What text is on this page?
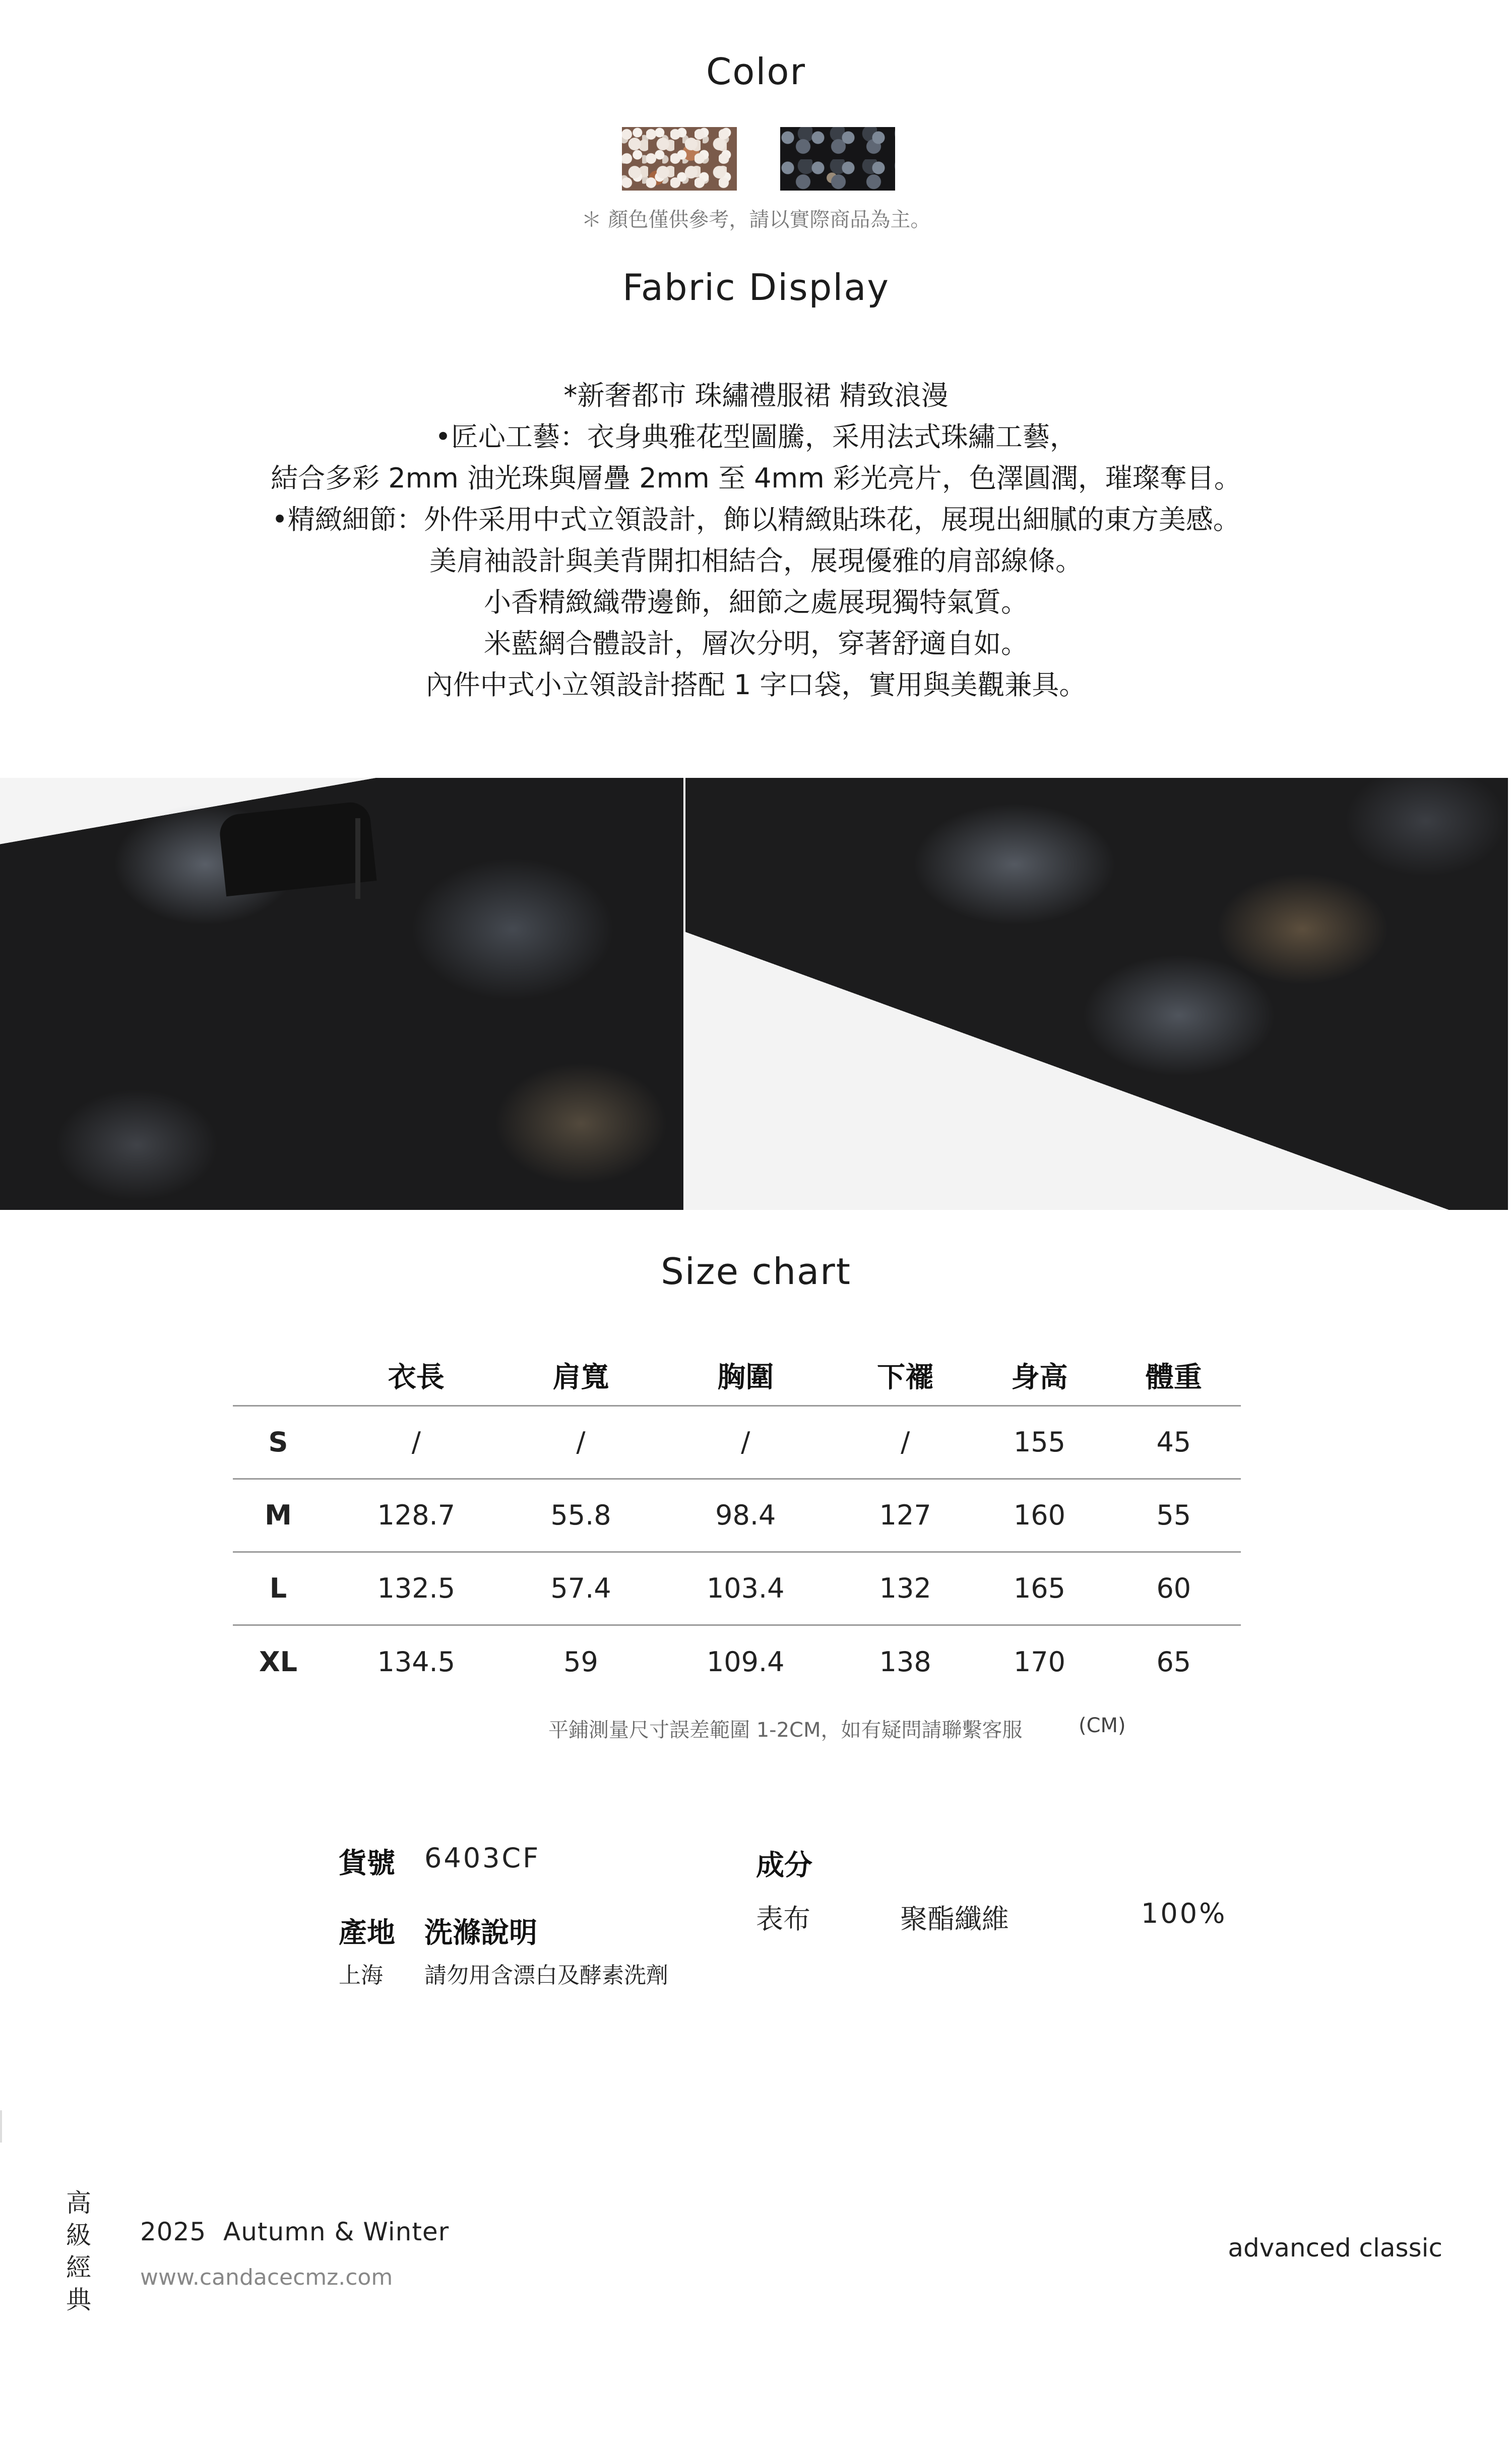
Color
＊ 顏色僅供參考，請以實際商品為主。
Fabric Display
*新奢都市 珠繡禮服裙 精致浪漫
•匠心工藝：衣身典雅花型圖騰，采用法式珠繡工藝，
結合多彩 2mm 油光珠與層疊 2mm 至 4mm 彩光亮片，色澤圓潤，璀璨奪目。
•精緻細節：外件采用中式立領設計，飾以精緻貼珠花，展現出細膩的東方美感。
美肩袖設計與美背開扣相結合，展現優雅的肩部線條。
小香精緻織帶邊飾，細節之處展現獨特氣質。
米藍網合體設計，層次分明，穿著舒適自如。
內件中式小立領設計搭配 1 字口袋，實用與美觀兼具。
Size chart
	衣長	肩寬	胸圍	下襬	身高	體重
S	/	/	/	/	155	45
M	128.7	55.8	98.4	127	160	55
L	132.5	57.4	103.4	132	165	60
XL	134.5	59	109.4	138	170	65
平鋪測量尺寸誤差範圍 1-2CM，如有疑問請聯繫客服	(CM)
貨號 6403CF	成分
表布	聚酯纖維	100%
產地 洗滌說明
上海 請勿用含漂白及酵素洗劑
高
級
經
典
2025  Autumn & Winter
www.candacecmz.com
advanced classic
